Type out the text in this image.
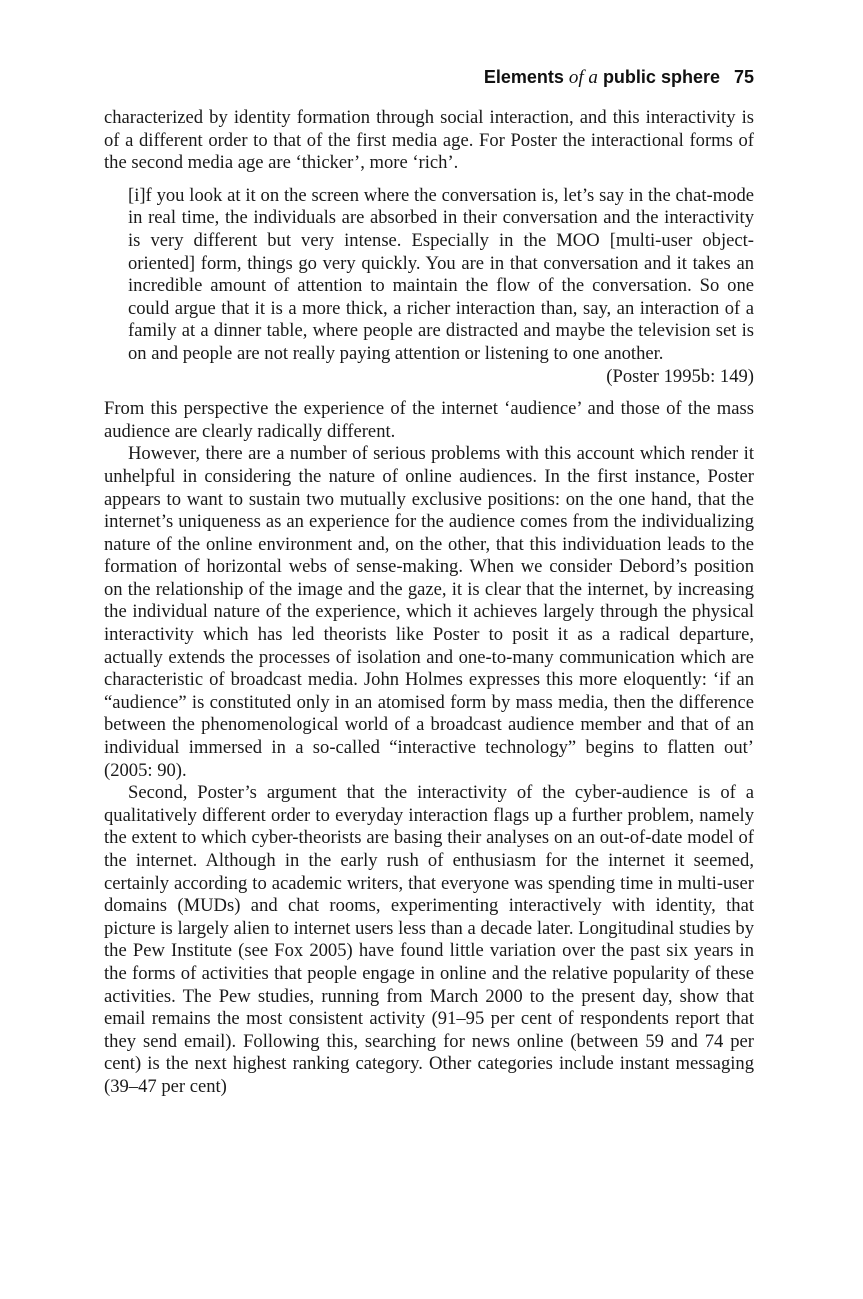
Elements of a public sphere 75

characterized by identity formation through social interaction, and this interactivity is of a different order to that of the first media age. For Poster the interactional forms of the second media age are ‘thicker’, more ‘rich’.

[i]f you look at it on the screen where the conversation is, let’s say in the chat-mode in real time, the individuals are absorbed in their conversation and the interactivity is very different but very intense. Especially in the MOO [multi-user object-oriented] form, things go very quickly. You are in that conversation and it takes an incredible amount of attention to maintain the flow of the conversation. So one could argue that it is a more thick, a richer interaction than, say, an interaction of a family at a dinner table, where people are distracted and maybe the television set is on and people are not really paying attention or listening to one another.

(Poster 1995b: 149)

From this perspective the experience of the internet ‘audience’ and those of the mass audience are clearly radically different.

However, there are a number of serious problems with this account which render it unhelpful in considering the nature of online audiences. In the first instance, Poster appears to want to sustain two mutually exclusive positions: on the one hand, that the internet’s uniqueness as an experience for the audience comes from the individualizing nature of the online environment and, on the other, that this individuation leads to the formation of horizontal webs of sense-making. When we consider Debord’s position on the relationship of the image and the gaze, it is clear that the internet, by increasing the individual nature of the experience, which it achieves largely through the physical interactivity which has led theorists like Poster to posit it as a radical departure, actually extends the processes of isolation and one-to-many communication which are characteristic of broadcast media. John Holmes expresses this more eloquently: ‘if an “audience” is constituted only in an atomised form by mass media, then the difference between the phenomenological world of a broadcast audience member and that of an individual immersed in a so-called “interactive technology” begins to flatten out’ (2005: 90).

Second, Poster’s argument that the interactivity of the cyber-audience is of a qualitatively different order to everyday interaction flags up a further problem, namely the extent to which cyber-theorists are basing their analyses on an out-of-date model of the internet. Although in the early rush of enthusiasm for the internet it seemed, certainly according to academic writers, that everyone was spending time in multi-user domains (MUDs) and chat rooms, experimenting interactively with identity, that picture is largely alien to internet users less than a decade later. Longitudinal studies by the Pew Institute (see Fox 2005) have found little variation over the past six years in the forms of activities that people engage in online and the relative popularity of these activities. The Pew studies, running from March 2000 to the present day, show that email remains the most consistent activity (91–95 per cent of respondents report that they send email). Following this, searching for news online (between 59 and 74 per cent) is the next highest ranking category. Other categories include instant messaging (39–47 per cent)
